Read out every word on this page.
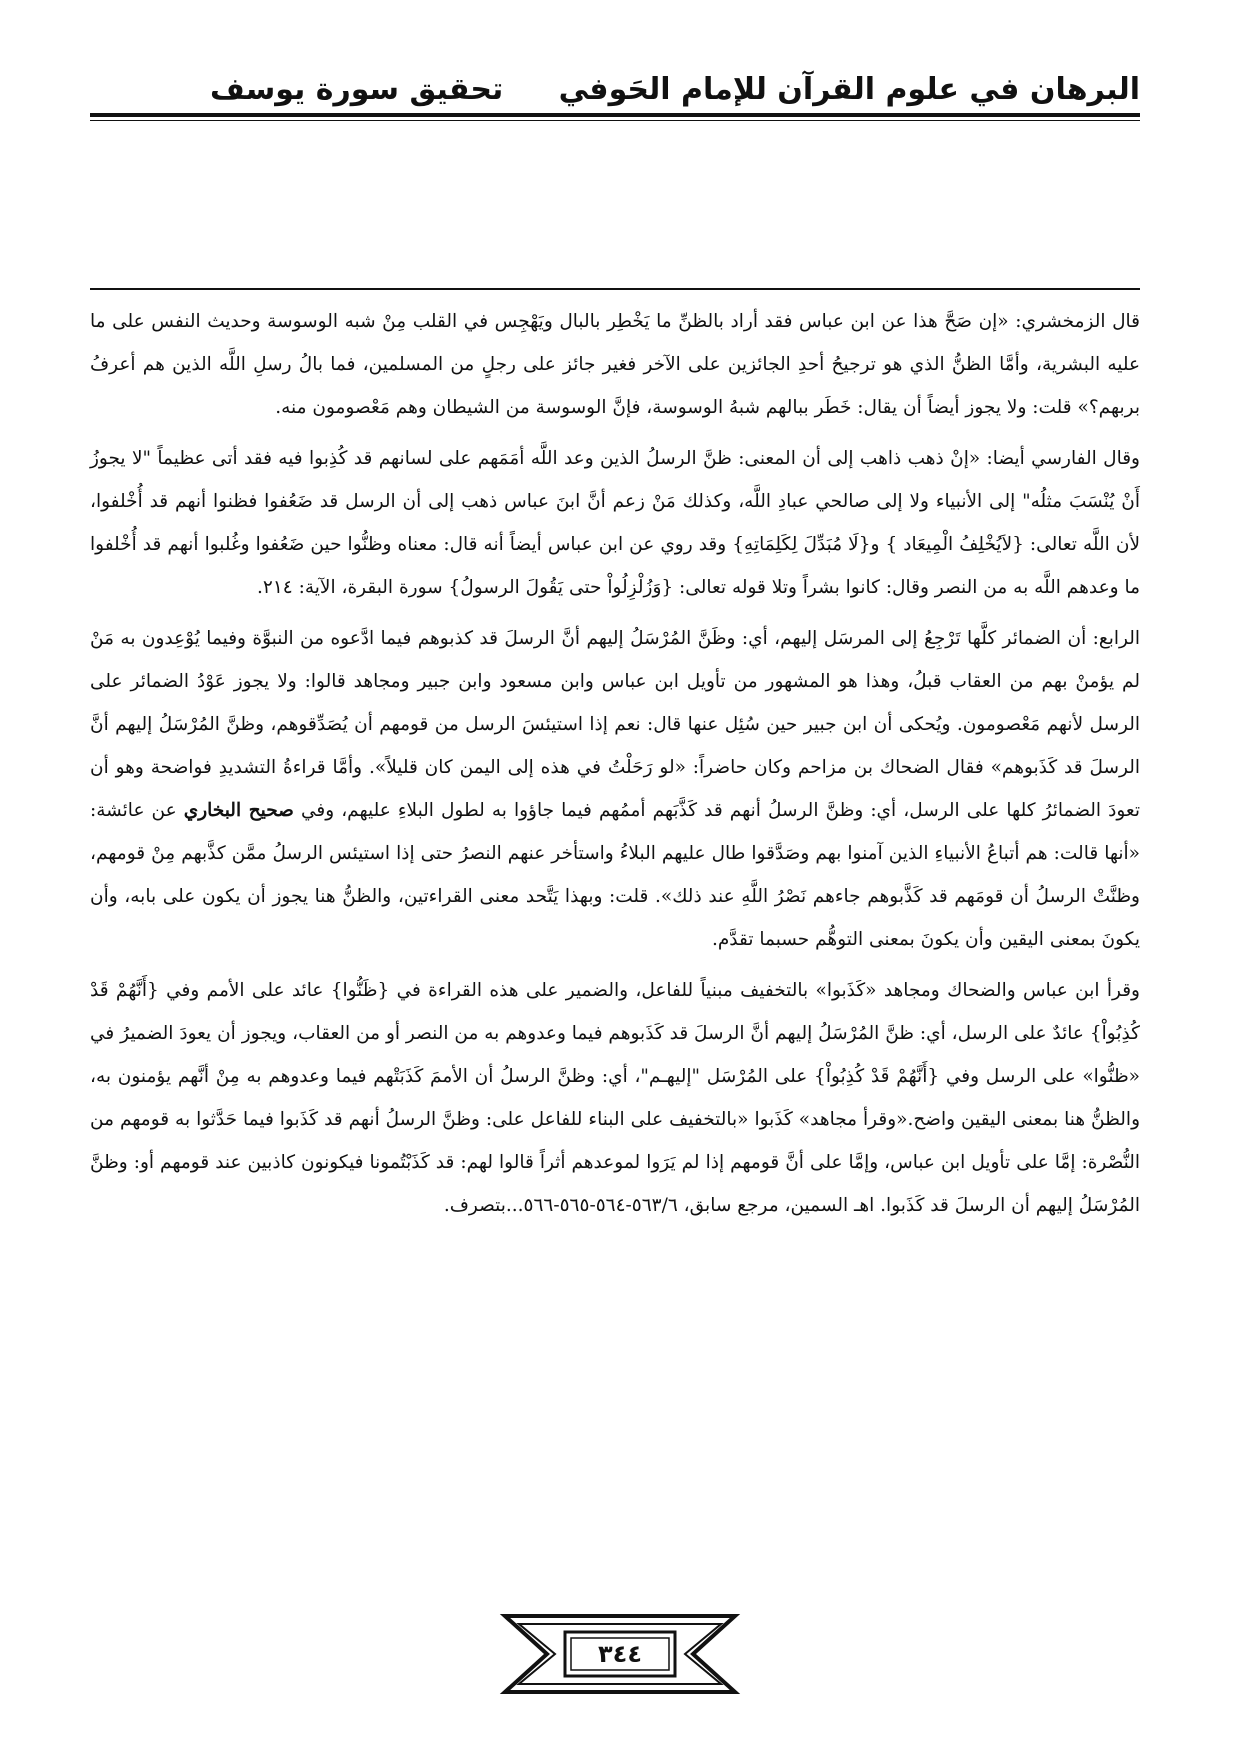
البرهان في علوم القرآن للإمام الحَوفي
تحقيق سورة يوسف

قال الزمخشري: «إن صَحَّ هذا عن ابن عباس فقد أراد بالظنِّ ما يَخْطِر بالبال ويَهْجِس في القلب مِنْ شبه الوسوسة وحديث النفس على ما عليه البشرية، وأمَّا الظنُّ الذي هو ترجيحُ أحدِ الجائزين على الآخر فغير جائز على رجلٍ من المسلمين، فما بالُ رسلِ اللَّه الذين هم أعرفُ بربهم؟» قلت: ولا يجوز أيضاً أن يقال: خَطَر ببالهم شبهُ الوسوسة، فإنَّ الوسوسة من الشيطان وهم مَعْصومون منه.

وقال الفارسي أيضا: «إنْ ذهب ذاهب إلى أن المعنى: ظنَّ الرسلُ الذين وعد اللَّه أمَمَهم على لسانهم قد كُذِبوا فيه فقد أتى عظيماً "لا يجوزُ أَنْ يُنْسَبَ مثلُه" إلى الأنبياء ولا إلى صالحي عبادِ اللَّه، وكذلك مَنْ زعم أنَّ ابنَ عباس ذهب إلى أن الرسل قد ضَعُفوا فظنوا أنهم قد أُخْلفوا، لأن اللَّه تعالى: {لاَيُخْلِفُ الْمِيعَاد } و{لَا مُبَدِّلَ لِكَلِمَاتِهِ} وقد روي عن ابن عباس أيضاً أنه قال: معناه وظنُّوا حين ضَعُفوا وغُلبوا أنهم قد أُخْلفوا ما وعدهم اللَّه به من النصر وقال: كانوا بشراً وتلا قوله تعالى: {وَزُلْزِلُواْ حتى يَقُولَ الرسولُ} سورة البقرة، الآية: ٢١٤.

الرابع: أن الضمائر كلَّها تَرْجِعُ إلى المرسَل إليهم، أي: وظَنَّ المُرْسَلُ إليهم أنَّ الرسلَ قد كذبوهم فيما ادَّعوه من النبوَّة وفيما يُوْعِدون به مَنْ لم يؤمنْ بهم من العقاب قبلُ، وهذا هو المشهور من تأويل ابن عباس وابن مسعود وابن جبير ومجاهد قالوا: ولا يجوز عَوْدُ الضمائر على الرسل لأنهم مَعْصومون. ويُحكى أن ابن جبير حين سُئِل عنها قال: نعم إذا استيئسَ الرسل من قومهم أن يُصَدِّقوهم، وظنَّ المُرْسَلُ إليهم أنَّ الرسلَ قد كَذَبوهم» فقال الضحاك بن مزاحم وكان حاضراً: «لو رَحَلْتُ في هذه إلى اليمن كان قليلاً». وأمَّا قراءةُ التشديدِ فواضحة وهو أن تعودَ الضمائرُ كلها على الرسل، أي: وظنَّ الرسلُ أنهم قد كَذَّبَهم أممُهم فيما جاؤوا به لطول البلاءِ عليهم، وفي صحيح البخاري عن عائشة: «أنها قالت: هم أتباعُ الأنبياءِ الذين آمنوا بهم وصَدَّقوا طال عليهم البلاءُ واستأخر عنهم النصرُ حتى إذا استيئس الرسلُ ممَّن كذَّبهم مِنْ قومهم، وظنَّتْ الرسلُ أن قومَهم قد كَذَّبوهم جاءهم نَصْرُ اللَّهِ عند ذلك». قلت: وبهذا يَتَّحد معنى القراءتين، والظنُّ هنا يجوز أن يكون على بابه، وأن يكونَ بمعنى اليقين وأن يكونَ بمعنى التوهُّم حسبما تقدَّم.

وقرأ ابن عباس والضحاك ومجاهد «كَذَبوا» بالتخفيف مبنياً للفاعل، والضمير على هذه القراءة في {ظَنُّوا} عائد على الأمم وفي {أَنَّهُمْ قَدْ كُذِبُواْ} عائدٌ على الرسل، أي: ظنَّ المُرْسَلُ إليهم أنَّ الرسلَ قد كَذَبوهم فيما وعدوهم به من النصر أو من العقاب، ويجوز أن يعودَ الضميرُ في «ظنُّوا» على الرسل وفي {أَنَّهُمْ قَدْ كُذِبُواْ} على المُرْسَل "إليهـم"، أي: وظنَّ الرسلُ أن الأممَ كَذَبَتْهم فيما وعدوهم به مِنْ أنَّهم يؤمنون به، والظنُّ هنا بمعنى اليقين واضح.«وقرأ مجاهد» كَذَبوا «بالتخفيف على البناء للفاعل على: وظنَّ الرسلُ أنهم قد كَذَبوا فيما حَدَّثوا به قومهم من النُّصْرة: إمَّا على تأويل ابن عباس، وإمَّا على أنَّ قومهم إذا لم يَرَوا لموعدهم أثراً قالوا لهم: قد كَذَبْتُمونا فيكونون كاذبين عند قومهم أو: وظنَّ المُرْسَلُ إليهم أن الرسلَ قد كَذَبوا. اهـ السمين، مرجع سابق، ٥٦٣/٦-٥٦٤-٥٦٥-٥٦٦...بتصرف.

٣٤٤
